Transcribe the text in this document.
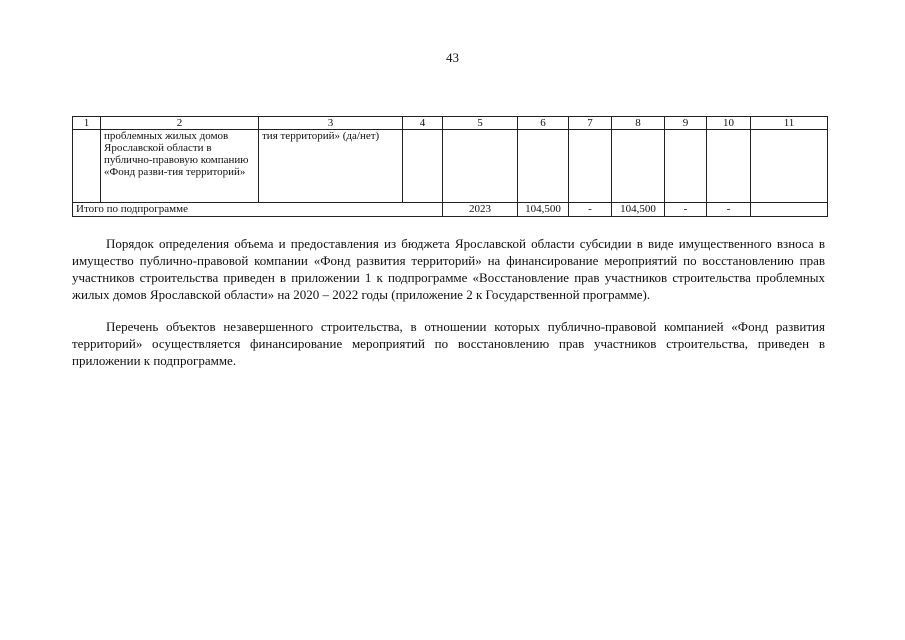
43
1	2	3	4	5	6	7	8	9	10	11
	проблемных жилых домов Ярославской области в публично-правовую компанию «Фонд разви-тия территорий»	тия территорий» (да/нет)								
Итого по подпрограмме				2023	104,500	-	104,500	-	-	

Порядок определения объема и предоставления из бюджета Ярославской области субсидии в виде имущественного взноса в имущество публично-правовой компании «Фонд развития территорий» на финансирование мероприятий по восстановлению прав участников строительства приведен в приложении 1 к подпрограмме «Восстановление прав участников строительства проблемных жилых домов Ярославской области» на 2020 – 2022 годы (приложение 2 к Государственной программе).

Перечень объектов незавершенного строительства, в отношении которых публично-правовой компанией «Фонд развития территорий» осуществляется финансирование мероприятий по восстановлению прав участников строительства, приведен в приложении к подпрограмме.
